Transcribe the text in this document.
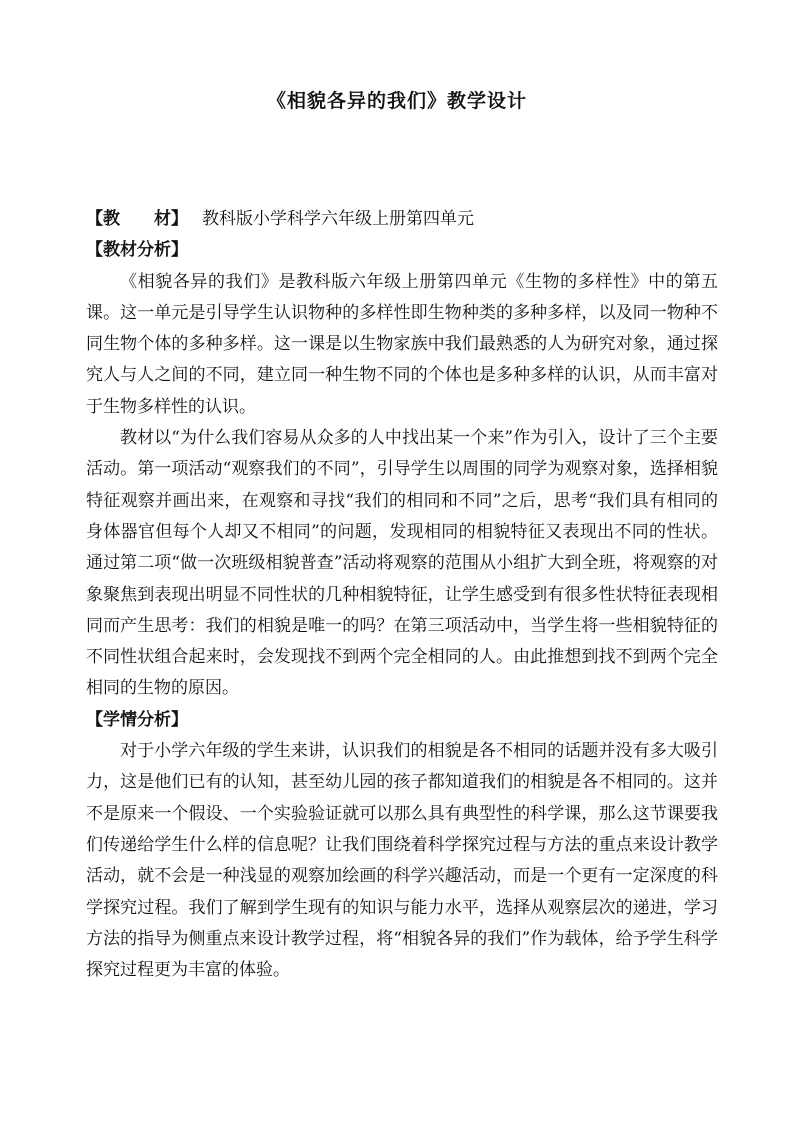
《相貌各异的我们》教学设计
【教　　材】 教科版小学科学六年级上册第四单元
【教材分析】

《相貌各异的我们》是教科版六年级上册第四单元《生物的多样性》中的第五课。这一单元是引导学生认识物种的多样性即生物种类的多种多样，以及同一物种不同生物个体的多种多样。这一课是以生物家族中我们最熟悉的人为研究对象，通过探究人与人之间的不同，建立同一种生物不同的个体也是多种多样的认识，从而丰富对于生物多样性的认识。

教材以“为什么我们容易从众多的人中找出某一个来”作为引入，设计了三个主要活动。第一项活动“观察我们的不同”，引导学生以周围的同学为观察对象，选择相貌特征观察并画出来，在观察和寻找“我们的相同和不同”之后，思考“我们具有相同的身体器官但每个人却又不相同”的问题，发现相同的相貌特征又表现出不同的性状。通过第二项“做一次班级相貌普查”活动将观察的范围从小组扩大到全班，将观察的对象聚焦到表现出明显不同性状的几种相貌特征，让学生感受到有很多性状特征表现相同而产生思考：我们的相貌是唯一的吗？在第三项活动中，当学生将一些相貌特征的不同性状组合起来时，会发现找不到两个完全相同的人。由此推想到找不到两个完全相同的生物的原因。

【学情分析】

对于小学六年级的学生来讲，认识我们的相貌是各不相同的话题并没有多大吸引力，这是他们已有的认知，甚至幼儿园的孩子都知道我们的相貌是各不相同的。这并不是原来一个假设、一个实验验证就可以那么具有典型性的科学课，那么这节课要我们传递给学生什么样的信息呢？让我们围绕着科学探究过程与方法的重点来设计教学活动，就不会是一种浅显的观察加绘画的科学兴趣活动，而是一个更有一定深度的科学探究过程。我们了解到学生现有的知识与能力水平，选择从观察层次的递进，学习方法的指导为侧重点来设计教学过程，将“相貌各异的我们”作为载体，给予学生科学探究过程更为丰富的体验。
